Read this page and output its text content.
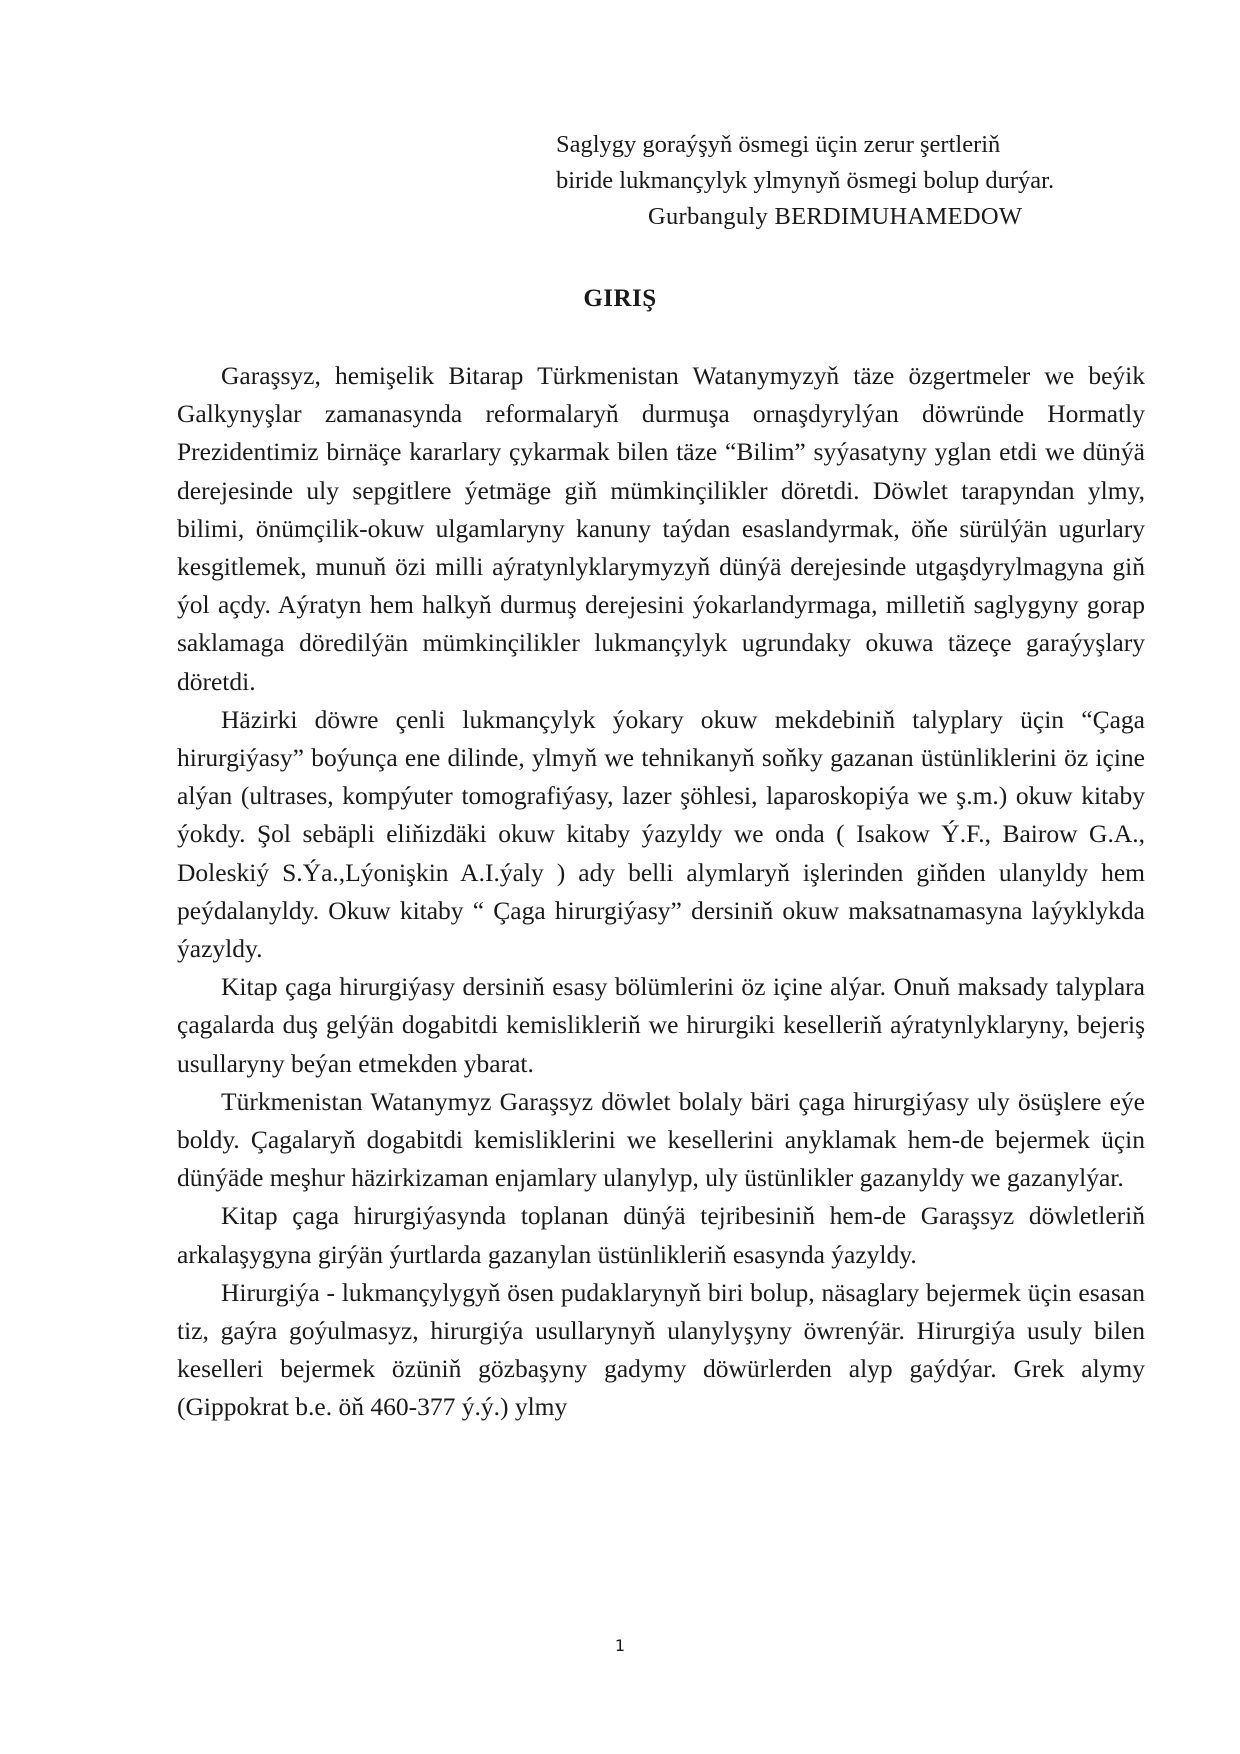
Saglygy goraýşyň ösmegi üçin zerur şertleriň
biride lukmançylyk ylmynyň ösmegi bolup durýar.
Gurbanguly BERDIMUHAMEDOW
GIRIŞ

Garaşsyz, hemişelik Bitarap Türkmenistan Watanymyzyň täze özgertmeler we beýik Galkynyşlar zamanasynda reformalaryň durmuşa ornaşdyrylýan döwründe Hormatly Prezidentimiz birnäçe kararlary çykarmak bilen täze “Bilim” syýasatyny yglan etdi we dünýä derejesinde uly sepgitlere ýetmäge giň mümkinçilikler döretdi. Döwlet tarapyndan ylmy, bilimi, önümçilik-okuw ulgamlaryny kanuny taýdan esaslandyrmak, öňe sürülýän ugurlary kesgitlemek, munuň özi milli aýratynlyklarymyzyň dünýä derejesinde utgaşdyrylmagyna giň ýol açdy. Aýratyn hem halkyň durmuş derejesini ýokarlandyrmaga, milletiň saglygyny gorap saklamaga döredilýän mümkinçilikler lukmançylyk ugrundaky okuwa täzeçe garaýyşlary döretdi.

Häzirki döwre çenli lukmançylyk ýokary okuw mekdebiniň talyplary üçin “Çaga hirurgiýasy” boýunça ene dilinde, ylmyň we tehnikanyň soňky gazanan üstünliklerini öz içine alýan (ultrases, kompýuter tomografiýasy, lazer şöhlesi, laparoskopiýa we ş.m.) okuw kitaby ýokdy. Şol sebäpli eliňizdäki okuw kitaby ýazyldy we onda ( Isakow Ý.F., Bairow G.A., Doleskiý S.Ýa.,Lýonişkin A.I.ýaly ) ady belli alymlaryň işlerinden giňden ulanyldy hem peýdalanyldy. Okuw kitaby “ Çaga hirurgiýasy” dersiniň okuw maksatnamasyna laýyklykda ýazyldy.

Kitap çaga hirurgiýasy dersiniň esasy bölümlerini öz içine alýar. Onuň maksady talyplara çagalarda duş gelýän dogabitdi kemislikleriň we hirurgiki keselleriň aýratynlyklaryny, bejeriş usullaryny beýan etmekden ybarat.

Türkmenistan Watanymyz Garaşsyz döwlet bolaly bäri çaga hirurgiýasy uly ösüşlere eýe boldy. Çagalaryň dogabitdi kemisliklerini we kesellerini anyklamak hem-de bejermek üçin dünýäde meşhur häzirkizaman enjamlary ulanylyp, uly üstünlikler gazanyldy we gazanylýar.

Kitap çaga hirurgiýasynda toplanan dünýä tejribesiniň hem-de Garaşsyz döwletleriň arkalaşygyna girýän ýurtlarda gazanylan üstünlikleriň esasynda ýazyldy.

Hirurgiýa - lukmançylygyň ösen pudaklarynyň biri bolup, näsaglary bejermek üçin esasan tiz, gaýra goýulmasyz, hirurgiýa usullarynyň ulanylyşyny öwrenýär. Hirurgiýa usuly bilen keselleri bejermek özüniň gözbaşyny gadymy döwürlerden alyp gaýdýar. Grek alymy (Gippokrat b.e. öň 460-377 ý.ý.) ylmy

1
